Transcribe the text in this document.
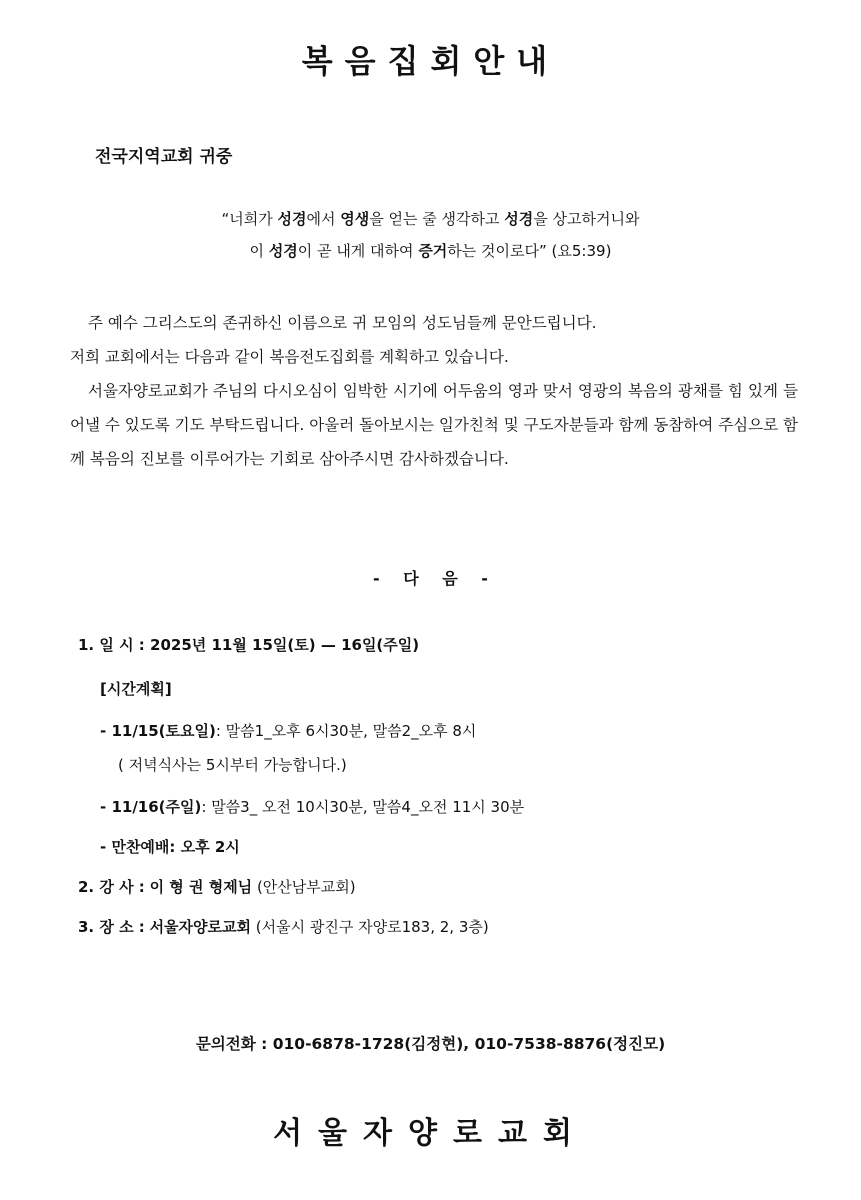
복음집회안내

전국지역교회 귀중

“너희가 성경에서 영생을 얻는 줄 생각하고 성경을 상고하거니와
이 성경이 곧 내게 대하여 증거하는 것이로다” (요5:39)

주 예수 그리스도의 존귀하신 이름으로 귀 모임의 성도님들께 문안드립니다.

저희 교회에서는 다음과 같이 복음전도집회를 계획하고 있습니다.

서울자양로교회가 주님의 다시오심이 임박한 시기에 어두움의 영과 맞서 영광의 복음의 광채를 힘 있게 들어낼 수 있도록 기도 부탁드립니다. 아울러 돌아보시는 일가친척 및 구도자분들과 함께 동참하여 주심으로 함께 복음의 진보를 이루어가는 기회로 삼아주시면 감사하겠습니다.

- 다 음 -
1. 일 시 : 2025년 11월 15일(토) — 16일(주일)
[시간계획]
- 11/15(토요일): 말씀1_오후 6시30분, 말씀2_오후 8시
( 저녁식사는 5시부터 가능합니다.)
- 11/16(주일): 말씀3_ 오전 10시30분, 말씀4_오전 11시 30분
- 만찬예배: 오후 2시
2. 강 사 : 이 형 권 형제님 (안산남부교회)
3. 장 소 : 서울자양로교회 (서울시 광진구 자양로183, 2, 3층)
문의전화 : 010-6878-1728(김정현), 010-7538-8876(정진모)
서울자양로교회
